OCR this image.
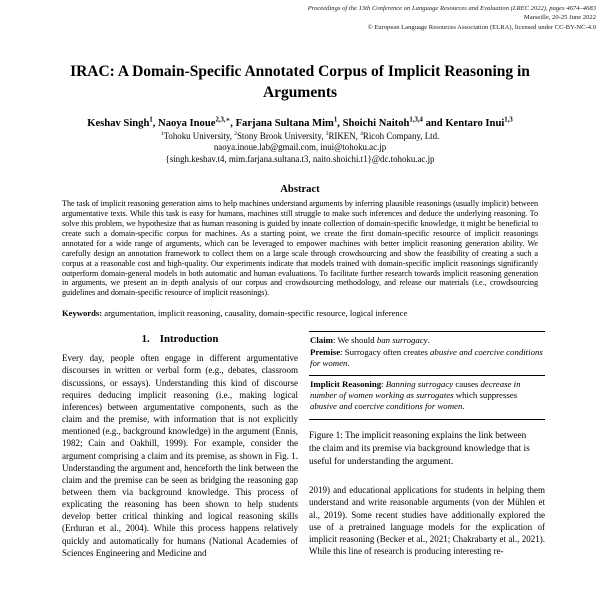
Proceedings of the 13th Conference on Language Resources and Evaluation (LREC 2022), pages 4674–4683
Marseille, 20-25 June 2022
© European Language Resources Association (ELRA), licensed under CC-BY-NC-4.0
IRAC: A Domain-Specific Annotated Corpus of Implicit Reasoning in Arguments
Keshav Singh$^1$, Naoya Inoue$^{2,3,∗}$, Farjana Sultana Mim$^1$, Shoichi Naitoh$^{1,3,4}$ and Kentaro Inui$^{1,3}$
$^1$Tohoku University, $^2$Stony Brook University, $^3$RIKEN, $^4$Ricoh Company, Ltd.
naoya.inoue.lab@gmail.com, inui@tohoku.ac.jp
{singh.keshav.t4, mim.farjana.sultana.t3, naito.shoichi.t1}@dc.tohoku.ac.jp
Abstract
The task of implicit reasoning generation aims to help machines understand arguments by inferring plausible reasonings (usually implicit) between argumentative texts. While this task is easy for humans, machines still struggle to make such inferences and deduce the underlying reasoning. To solve this problem, we hypothesize that as human reasoning is guided by innate collection of domain-specific knowledge, it might be beneficial to create such a domain-specific corpus for machines. As a starting point, we create the first domain-specific resource of implicit reasonings annotated for a wide range of arguments, which can be leveraged to empower machines with better implicit reasoning generation ability. We carefully design an annotation framework to collect them on a large scale through crowdsourcing and show the feasibility of creating a such a corpus at a reasonable cost and high-quality. Our experiments indicate that models trained with domain-specific implicit reasonings significantly outperform domain-general models in both automatic and human evaluations. To facilitate further research towards implicit reasoning generation in arguments, we present an in depth analysis of our corpus and crowdsourcing methodology, and release our materials (i.e., crowdsourcing guidelines and domain-specific resource of implicit reasonings).
Keywords: argumentation, implicit reasoning, causality, domain-specific resource, logical inference
1. Introduction
Every day, people often engage in different argumentative discourses in written or verbal form (e.g., debates, classroom discussions, or essays). Understanding this kind of discourse requires deducing implicit reasoning (i.e., making logical inferences) between argumentative components, such as the claim and the premise, with information that is not explicitly mentioned (e.g., background knowledge) in the argument (Ennis, 1982; Cain and Oakhill, 1999). For example, consider the argument comprising a claim and its premise, as shown in Fig. 1. Understanding the argument and, henceforth the link between the claim and the premise can be seen as bridging the reasoning gap between them via background knowledge. This process of explicating the reasoning has been shown to help students develop better critical thinking and logical reasoning skills (Erduran et al., 2004). While this process happens relatively quickly and automatically for humans (National Academies of Sciences Engineering and Medicine and
Claim: We should ban surrogacy.
Premise: Surrogacy often creates abusive and coercive conditions for women.
Implicit Reasoning: Banning surrogacy causes decrease in number of women working as surrogates which suppresses abusive and coercive conditions for women.
Figure 1: The implicit reasoning explains the link between the claim and its premise via background knowledge that is useful for understanding the argument.
2019) and educational applications for students in helping them understand and write reasonable arguments (von der Mühlen et al., 2019). Some recent studies have additionally explored the use of a pretrained language models for the explication of implicit reasoning (Becker et al., 2021; Chakrabarty et al., 2021). While this line of research is producing interesting re-
